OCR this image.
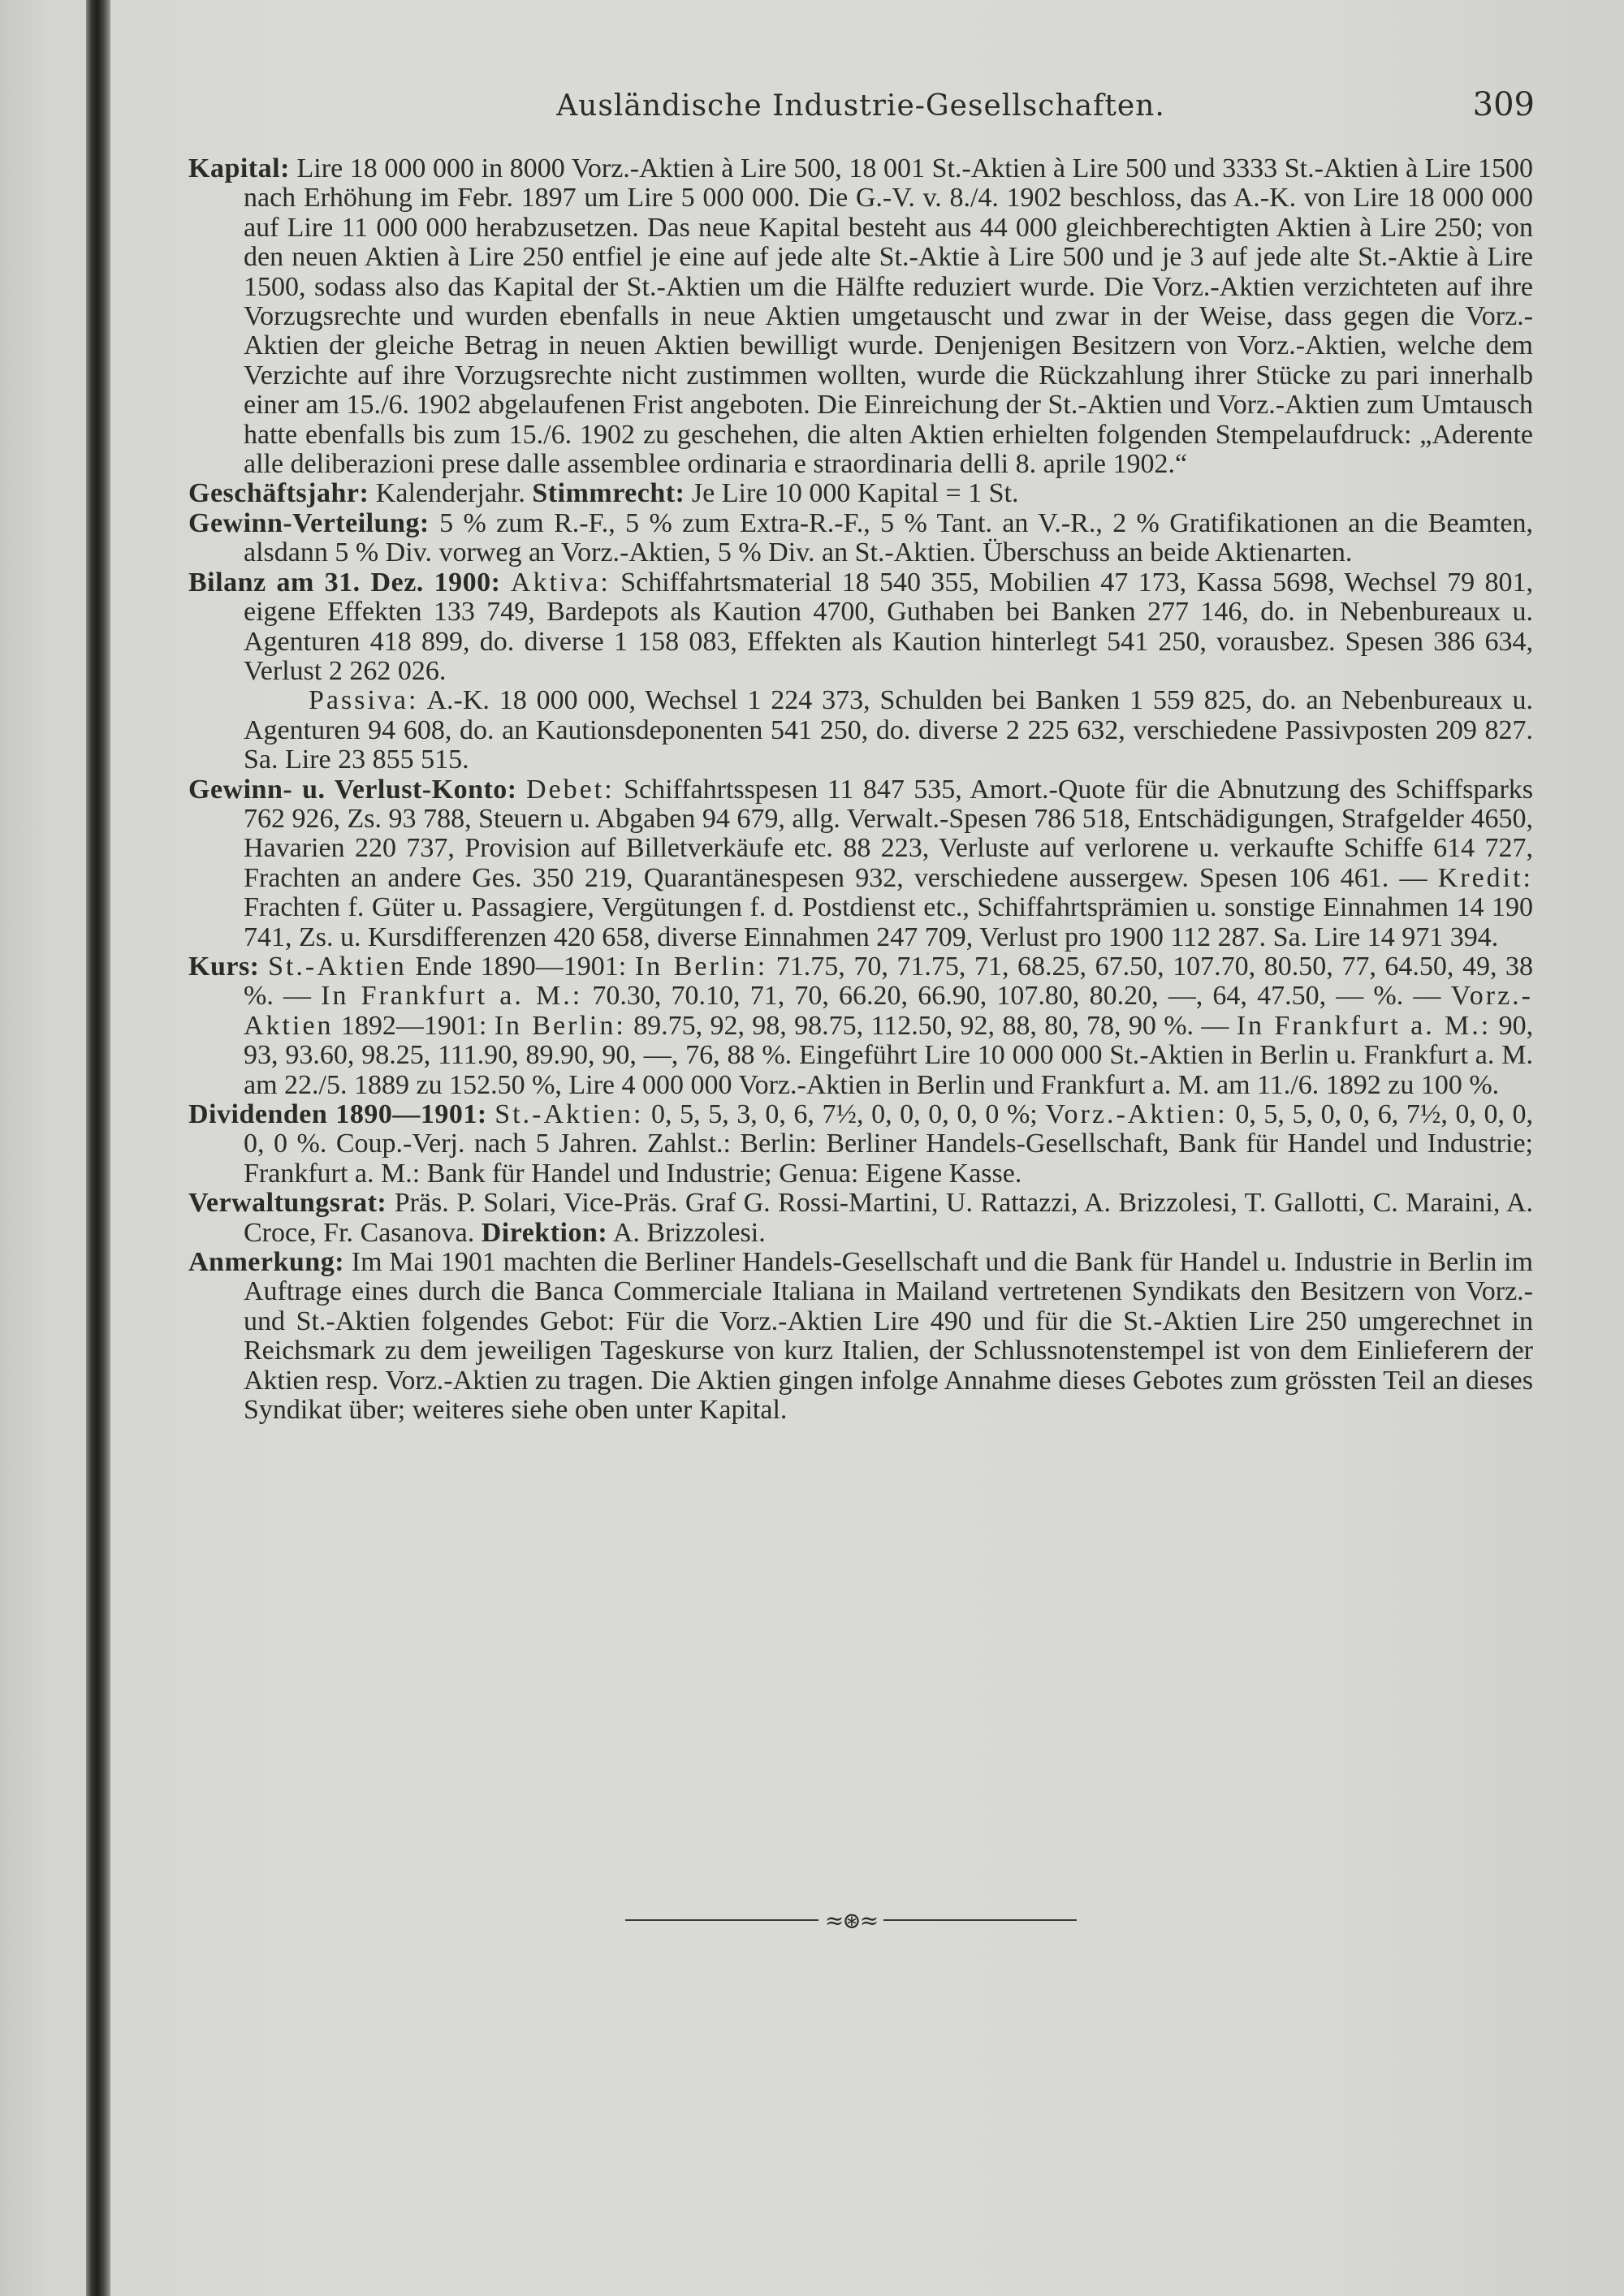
Ausländische Industrie-Gesellschaften.	309
Kapital: Lire 18 000 000 in 8000 Vorz.-Aktien à Lire 500, 18 001 St.-Aktien à Lire 500 und 3333 St.-Aktien à Lire 1500 nach Erhöhung im Febr. 1897 um Lire 5 000 000. Die G.-V. v. 8./4. 1902 beschloss, das A.-K. von Lire 18 000 000 auf Lire 11 000 000 herabzusetzen. Das neue Kapital besteht aus 44 000 gleichberechtigten Aktien à Lire 250; von den neuen Aktien à Lire 250 entfiel je eine auf jede alte St.-Aktie à Lire 500 und je 3 auf jede alte St.-Aktie à Lire 1500, sodass also das Kapital der St.-Aktien um die Hälfte reduziert wurde. Die Vorz.-Aktien verzichteten auf ihre Vorzugsrechte und wurden ebenfalls in neue Aktien umgetauscht und zwar in der Weise, dass gegen die Vorz.-Aktien der gleiche Betrag in neuen Aktien bewilligt wurde. Denjenigen Besitzern von Vorz.-Aktien, welche dem Verzichte auf ihre Vorzugsrechte nicht zustimmen wollten, wurde die Rückzahlung ihrer Stücke zu pari innerhalb einer am 15./6. 1902 abgelaufenen Frist angeboten. Die Einreichung der St.-Aktien und Vorz.-Aktien zum Umtausch hatte ebenfalls bis zum 15./6. 1902 zu geschehen, die alten Aktien erhielten folgenden Stempelaufdruck: „Aderente alle deliberazioni prese dalle assemblee ordinaria e straordinaria delli 8. aprile 1902.“
Geschäftsjahr: Kalenderjahr. Stimmrecht: Je Lire 10 000 Kapital = 1 St.
Gewinn-Verteilung: 5 % zum R.-F., 5 % zum Extra-R.-F., 5 % Tant. an V.-R., 2 % Gratifikationen an die Beamten, alsdann 5 % Div. vorweg an Vorz.-Aktien, 5 % Div. an St.-Aktien. Überschuss an beide Aktienarten.
Bilanz am 31. Dez. 1900: Aktiva: Schiffahrtsmaterial 18 540 355, Mobilien 47 173, Kassa 5698, Wechsel 79 801, eigene Effekten 133 749, Bardepots als Kaution 4700, Guthaben bei Banken 277 146, do. in Nebenbureaux u. Agenturen 418 899, do. diverse 1 158 083, Effekten als Kaution hinterlegt 541 250, vorausbez. Spesen 386 634, Verlust 2 262 026.
Passiva: A.-K. 18 000 000, Wechsel 1 224 373, Schulden bei Banken 1 559 825, do. an Nebenbureaux u. Agenturen 94 608, do. an Kautionsdeponenten 541 250, do. diverse 2 225 632, verschiedene Passivposten 209 827. Sa. Lire 23 855 515.
Gewinn- u. Verlust-Konto: Debet: Schiffahrtsspesen 11 847 535, Amort.-Quote für die Abnutzung des Schiffsparks 762 926, Zs. 93 788, Steuern u. Abgaben 94 679, allg. Verwalt.-Spesen 786 518, Entschädigungen, Strafgelder 4650, Havarien 220 737, Provision auf Billetverkäufe etc. 88 223, Verluste auf verlorene u. verkaufte Schiffe 614 727, Frachten an andere Ges. 350 219, Quarantänespesen 932, verschiedene aussergew. Spesen 106 461. — Kredit: Frachten f. Güter u. Passagiere, Vergütungen f. d. Postdienst etc., Schiffahrtsprämien u. sonstige Einnahmen 14 190 741, Zs. u. Kursdifferenzen 420 658, diverse Einnahmen 247 709, Verlust pro 1900 112 287. Sa. Lire 14 971 394.
Kurs: St.-Aktien Ende 1890—1901: In Berlin: 71.75, 70, 71.75, 71, 68.25, 67.50, 107.70, 80.50, 77, 64.50, 49, 38 %. — In Frankfurt a. M.: 70.30, 70.10, 71, 70, 66.20, 66.90, 107.80, 80.20, —, 64, 47.50, — %. — Vorz.-Aktien 1892—1901: In Berlin: 89.75, 92, 98, 98.75, 112.50, 92, 88, 80, 78, 90 %. — In Frankfurt a. M.: 90, 93, 93.60, 98.25, 111.90, 89.90, 90, —, 76, 88 %. Eingeführt Lire 10 000 000 St.-Aktien in Berlin u. Frankfurt a. M. am 22./5. 1889 zu 152.50 %, Lire 4 000 000 Vorz.-Aktien in Berlin und Frankfurt a. M. am 11./6. 1892 zu 100 %.
Dividenden 1890—1901: St.-Aktien: 0, 5, 5, 3, 0, 6, 7½, 0, 0, 0, 0, 0 %; Vorz.-Aktien: 0, 5, 5, 0, 0, 6, 7½, 0, 0, 0, 0, 0 %. Coup.-Verj. nach 5 Jahren. Zahlst.: Berlin: Berliner Handels-Gesellschaft, Bank für Handel und Industrie; Frankfurt a. M.: Bank für Handel und Industrie; Genua: Eigene Kasse.
Verwaltungsrat: Präs. P. Solari, Vice-Präs. Graf G. Rossi-Martini, U. Rattazzi, A. Brizzolesi, T. Gallotti, C. Maraini, A. Croce, Fr. Casanova. Direktion: A. Brizzolesi.
Anmerkung: Im Mai 1901 machten die Berliner Handels-Gesellschaft und die Bank für Handel u. Industrie in Berlin im Auftrage eines durch die Banca Commerciale Italiana in Mailand vertretenen Syndikats den Besitzern von Vorz.- und St.-Aktien folgendes Gebot: Für die Vorz.-Aktien Lire 490 und für die St.-Aktien Lire 250 umgerechnet in Reichsmark zu dem jeweiligen Tageskurse von kurz Italien, der Schlussnotenstempel ist von dem Einlieferern der Aktien resp. Vorz.-Aktien zu tragen. Die Aktien gingen infolge Annahme dieses Gebotes zum grössten Teil an dieses Syndikat über; weiteres siehe oben unter Kapital.
≈⊛≈
